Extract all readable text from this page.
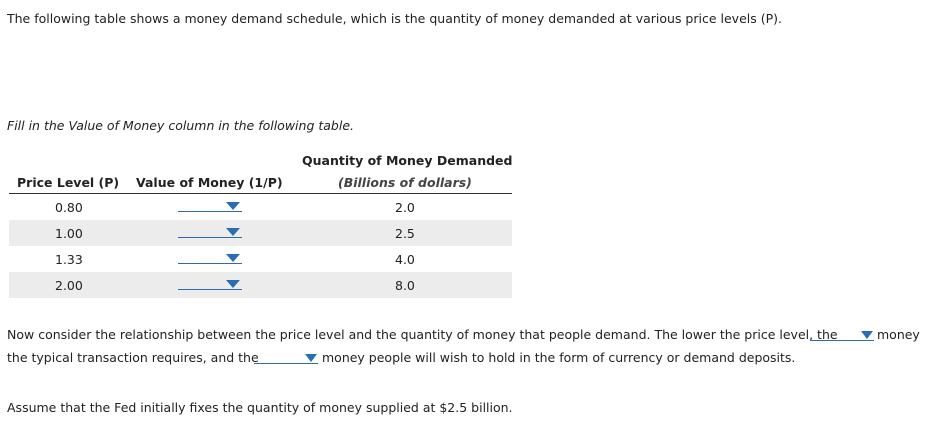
The following table shows a money demand schedule, which is the quantity of money demanded at various price levels (P).
Fill in the Value of Money column in the following table.
Quantity of Money Demanded
Price Level (P) Value of Money (1/P)	(Billions of dollars)
0.80	2.0
1.00	2.5
1.33	4.0
2.00	8.0
Now consider the relationship between the price level and the quantity of money that people demand. The lower the price level, the	money
the typical transaction requires, and the	money people will wish to hold in the form of currency or demand deposits.
Assume that the Fed initially fixes the quantity of money supplied at $2.5 billion.
